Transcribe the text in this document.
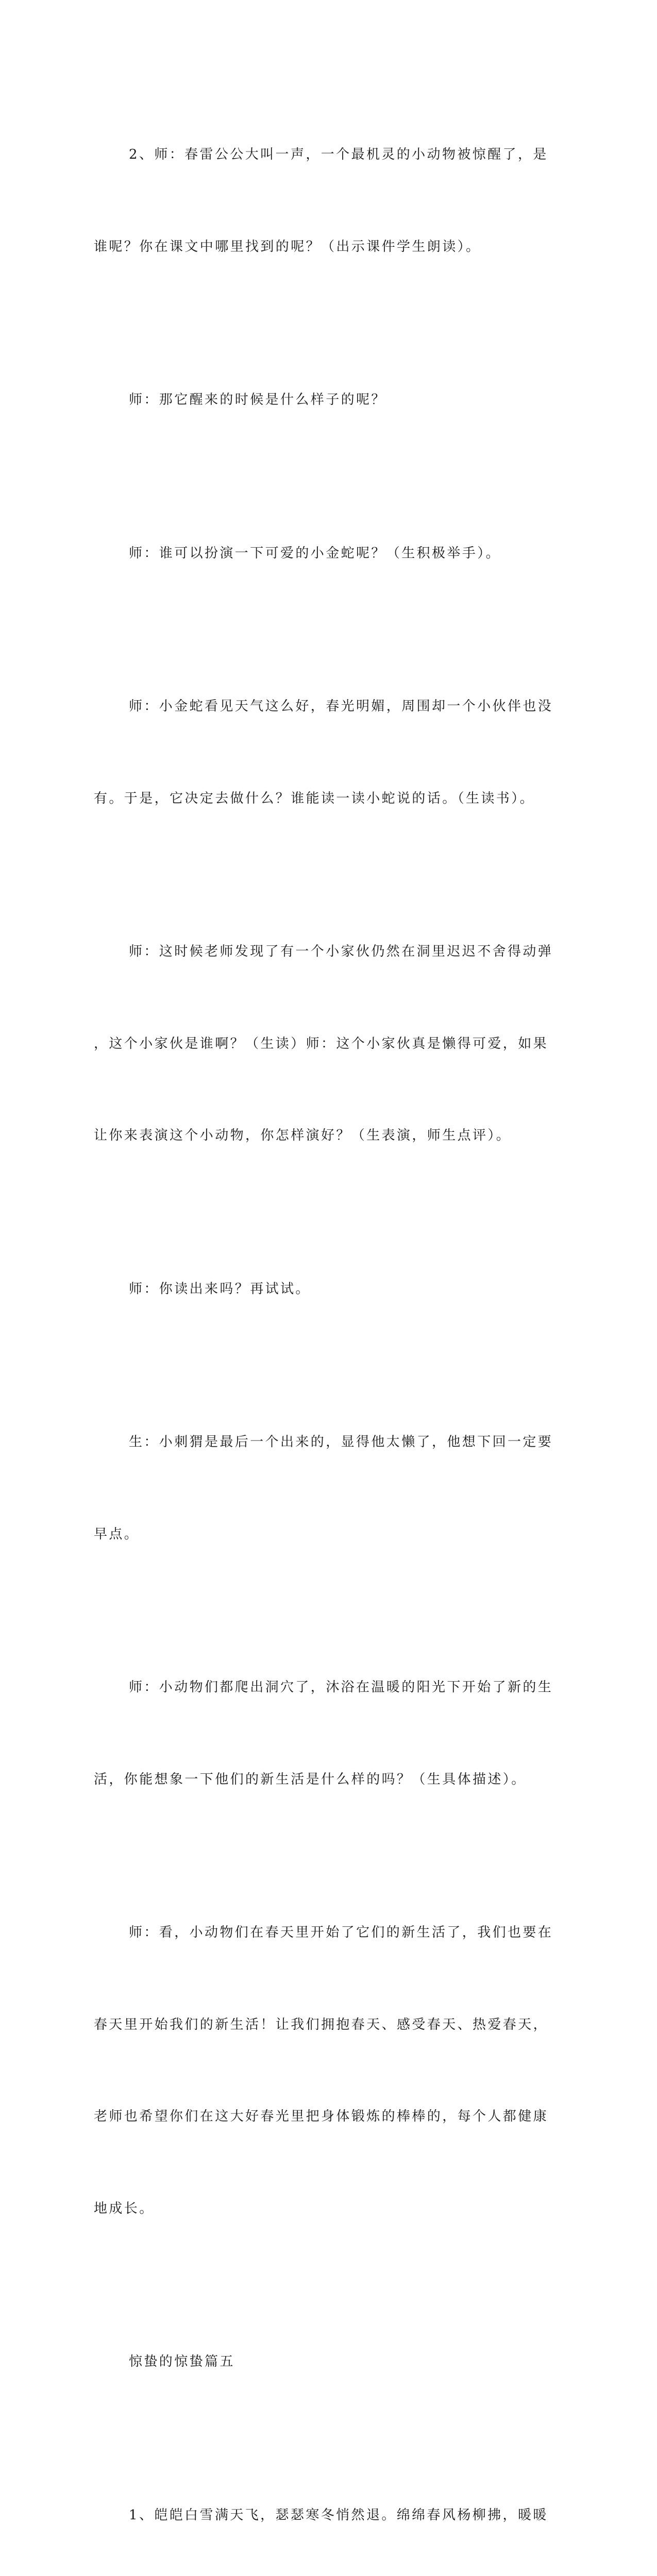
2、师：春雷公公大叫一声，一个最机灵的小动物被惊醒了，是

谁呢？你在课文中哪里找到的呢？（出示课件学生朗读）。

师：那它醒来的时候是什么样子的呢？

师：谁可以扮演一下可爱的小金蛇呢？（生积极举手）。

师：小金蛇看见天气这么好，春光明媚，周围却一个小伙伴也没

有。于是，它决定去做什么？谁能读一读小蛇说的话。（生读书）。

师：这时候老师发现了有一个小家伙仍然在洞里迟迟不舍得动弹

，这个小家伙是谁啊？（生读）师：这个小家伙真是懒得可爱，如果

让你来表演这个小动物，你怎样演好？（生表演，师生点评）。

师：你读出来吗？再试试。

生：小刺猬是最后一个出来的，显得他太懒了，他想下回一定要

早点。

师：小动物们都爬出洞穴了，沐浴在温暖的阳光下开始了新的生

活，你能想象一下他们的新生活是什么样的吗？（生具体描述）。

师：看，小动物们在春天里开始了它们的新生活了，我们也要在

春天里开始我们的新生活！让我们拥抱春天、感受春天、热爱春天，

老师也希望你们在这大好春光里把身体锻炼的棒棒的，每个人都健康

地成长。

惊蛰的惊蛰篇五

1、皑皑白雪满天飞，瑟瑟寒冬悄然退。绵绵春风杨柳拂，暖暖
